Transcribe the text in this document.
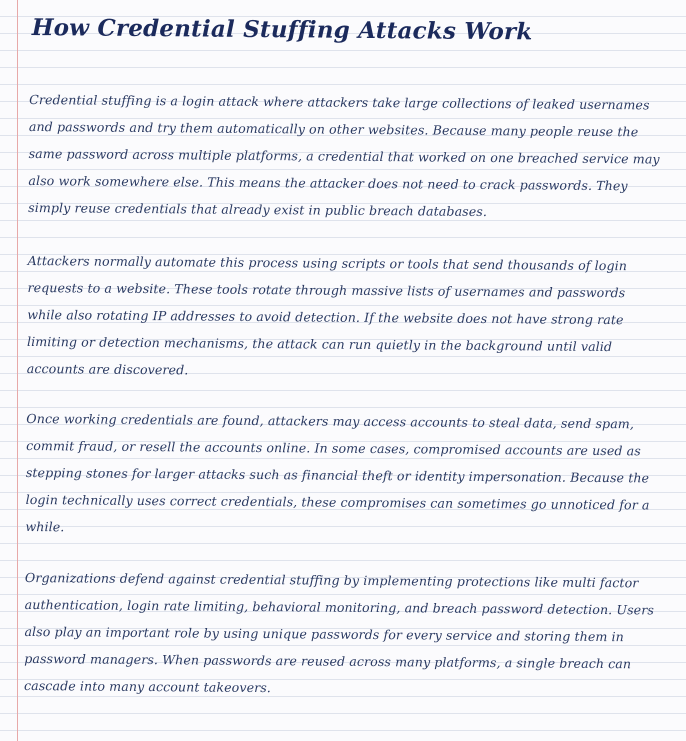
How Credential Stuffing Attacks Work

Credential stuffing is a login attack where attackers take large collections of leaked usernames and passwords and try them automatically on other websites. Because many people reuse the same password across multiple platforms, a credential that worked on one breached service may also work somewhere else. This means the attacker does not need to crack passwords. They simply reuse credentials that already exist in public breach databases.

Attackers normally automate this process using scripts or tools that send thousands of login requests to a website. These tools rotate through massive lists of usernames and passwords while also rotating IP addresses to avoid detection. If the website does not have strong rate limiting or detection mechanisms, the attack can run quietly in the background until valid accounts are discovered.

Once working credentials are found, attackers may access accounts to steal data, send spam, commit fraud, or resell the accounts online. In some cases, compromised accounts are used as stepping stones for larger attacks such as financial theft or identity impersonation. Because the login technically uses correct credentials, these compromises can sometimes go unnoticed for a while.

Organizations defend against credential stuffing by implementing protections like multi factor authentication, login rate limiting, behavioral monitoring, and breach password detection. Users also play an important role by using unique passwords for every service and storing them in password managers. When passwords are reused across many platforms, a single breach can cascade into many account takeovers.
